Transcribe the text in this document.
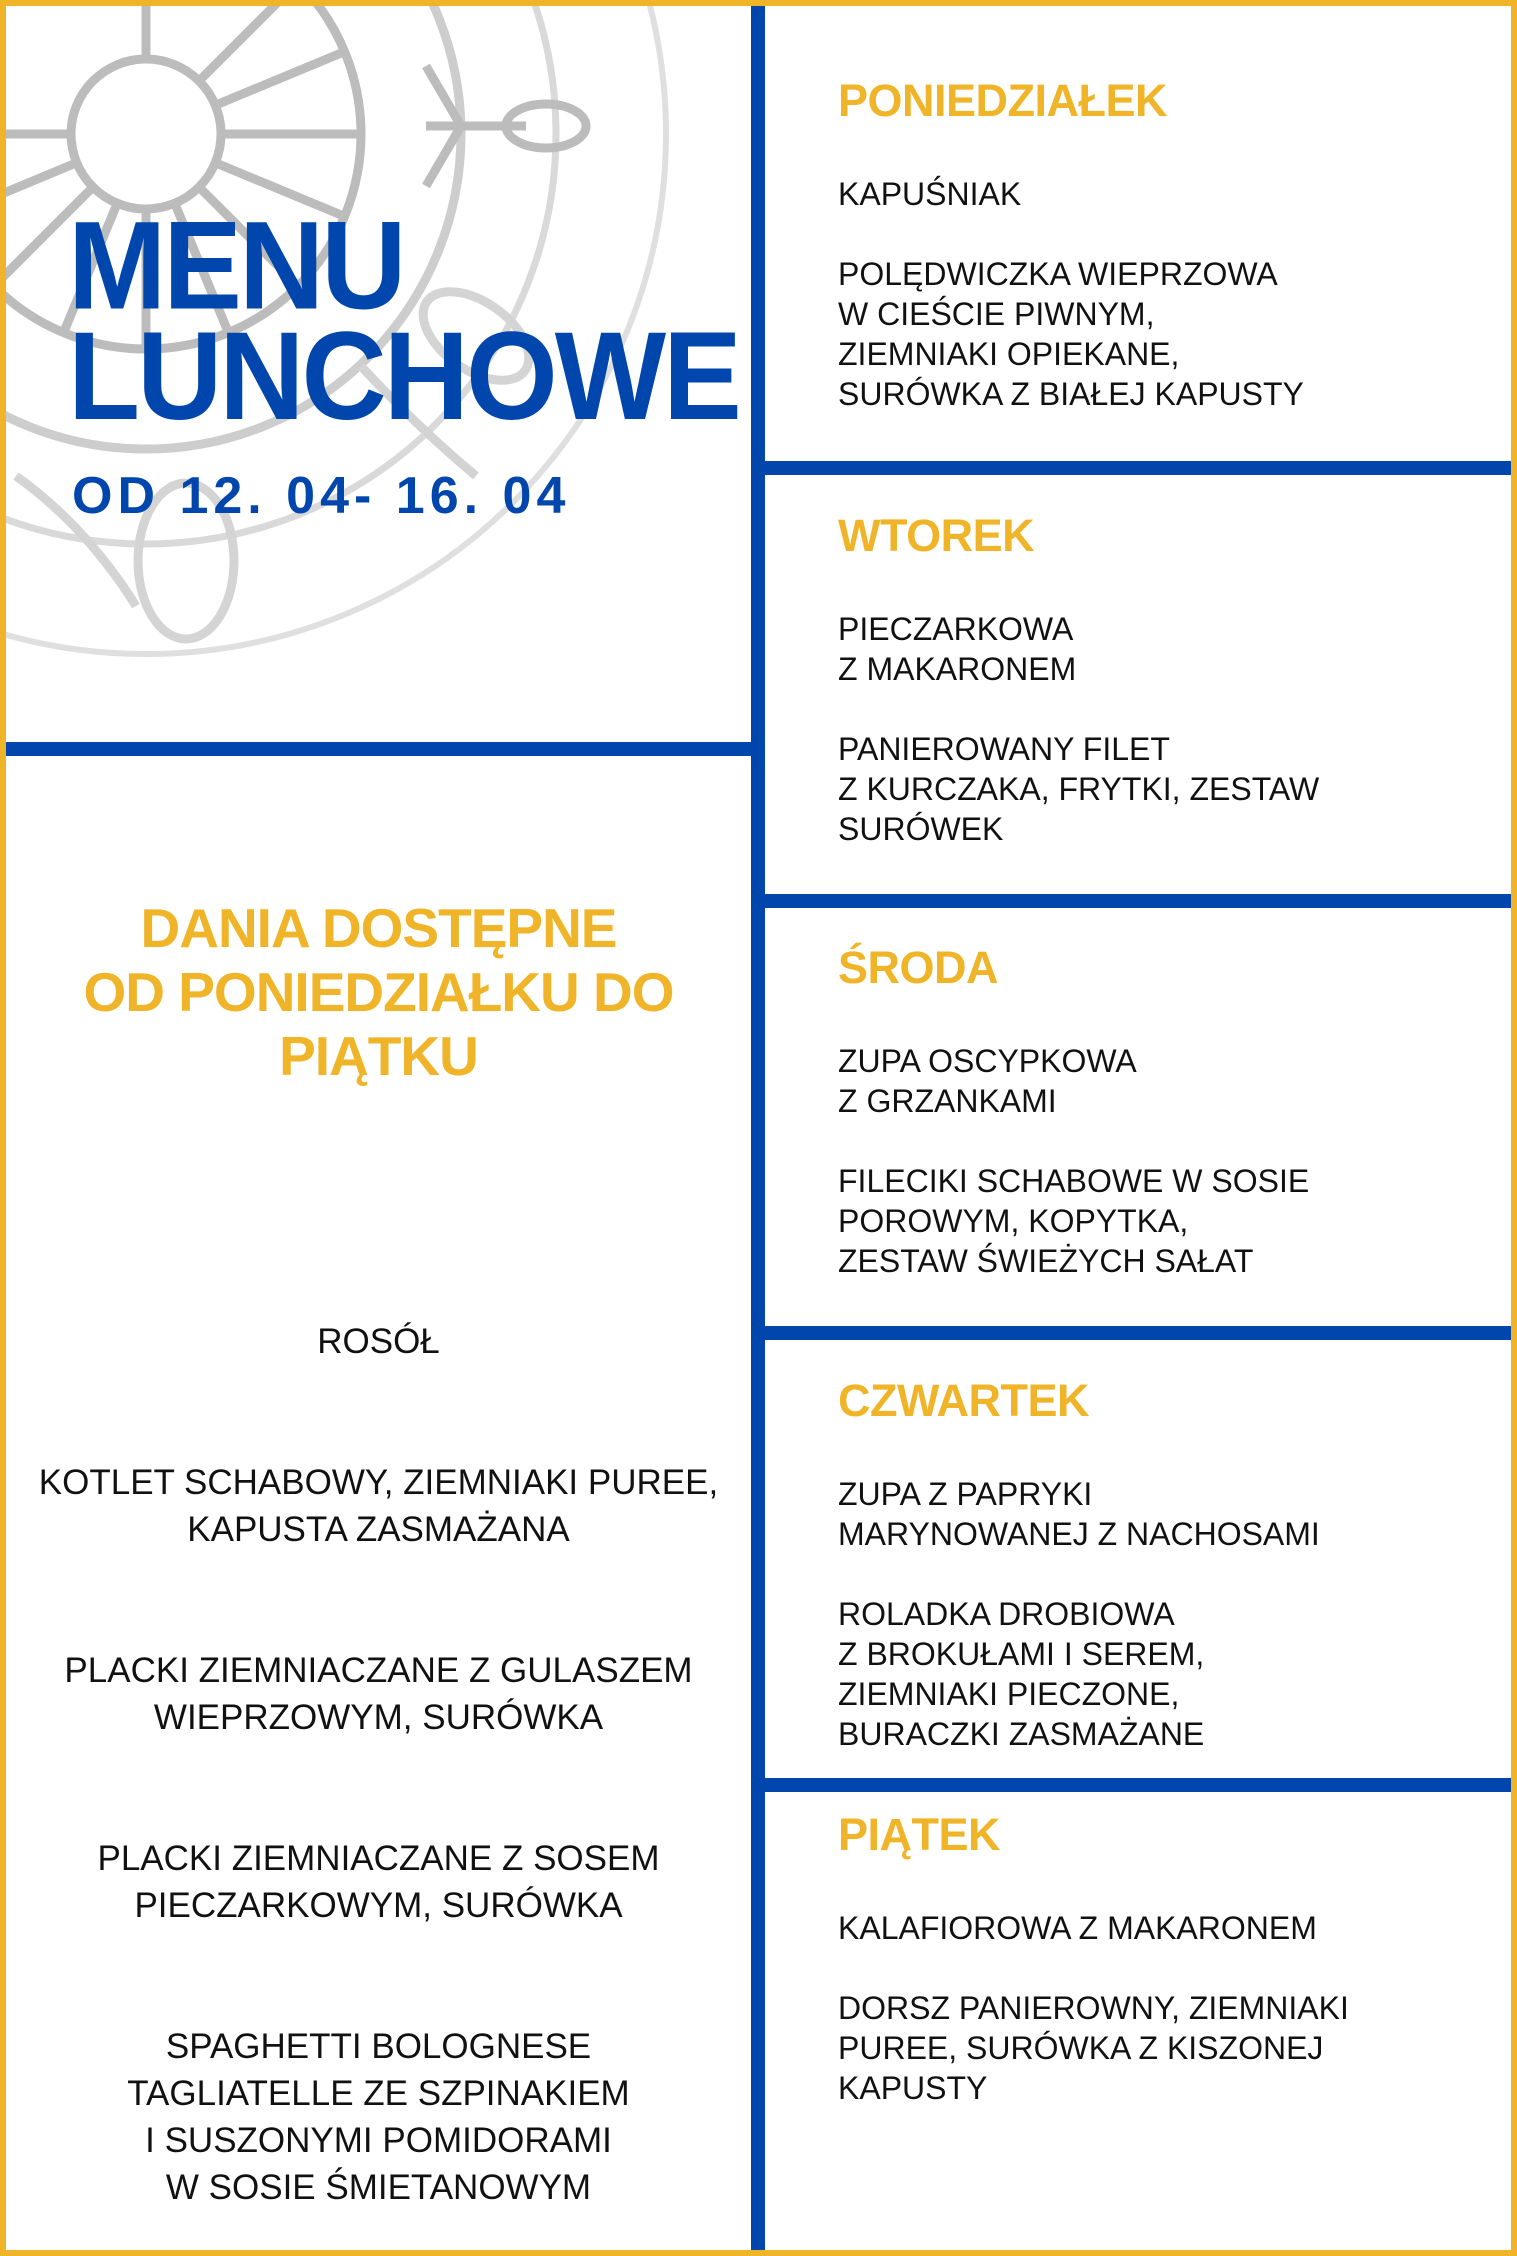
MENU
LUNCHOWE

OD 12. 04- 16. 04

DANIA DOSTĘPNE
OD PONIEDZIAŁKU DO
PIĄTKU

ROSÓŁ

KOTLET SCHABOWY, ZIEMNIAKI PUREE,
KAPUSTA ZASMAŻANA

PLACKI ZIEMNIACZANE Z GULASZEM
WIEPRZOWYM, SURÓWKA

PLACKI ZIEMNIACZANE Z SOSEM
PIECZARKOWYM, SURÓWKA

SPAGHETTI BOLOGNESE
TAGLIATELLE ZE SZPINAKIEM
I SUSZONYMI POMIDORAMI
W SOSIE ŚMIETANOWYM

PONIEDZIAŁEK

KAPUŚNIAK

POLĘDWICZKA WIEPRZOWA
W CIEŚCIE PIWNYM,
ZIEMNIAKI OPIEKANE,
SURÓWKA Z BIAŁEJ KAPUSTY

WTOREK

PIECZARKOWA
Z MAKARONEM

PANIEROWANY FILET
Z KURCZAKA, FRYTKI, ZESTAW
SURÓWEK

ŚRODA

ZUPA OSCYPKOWA
Z GRZANKAMI

FILECIKI SCHABOWE W SOSIE
POROWYM, KOPYTKA,
ZESTAW ŚWIEŻYCH SAŁAT

CZWARTEK

ZUPA Z PAPRYKI
MARYNOWANEJ Z NACHOSAMI

ROLADKA DROBIOWA
Z BROKUŁAMI I SEREM,
ZIEMNIAKI PIECZONE,
BURACZKI ZASMAŻANE

PIĄTEK

KALAFIOROWA Z MAKARONEM

DORSZ PANIEROWNY, ZIEMNIAKI
PUREE, SURÓWKA Z KISZONEJ
KAPUSTY
